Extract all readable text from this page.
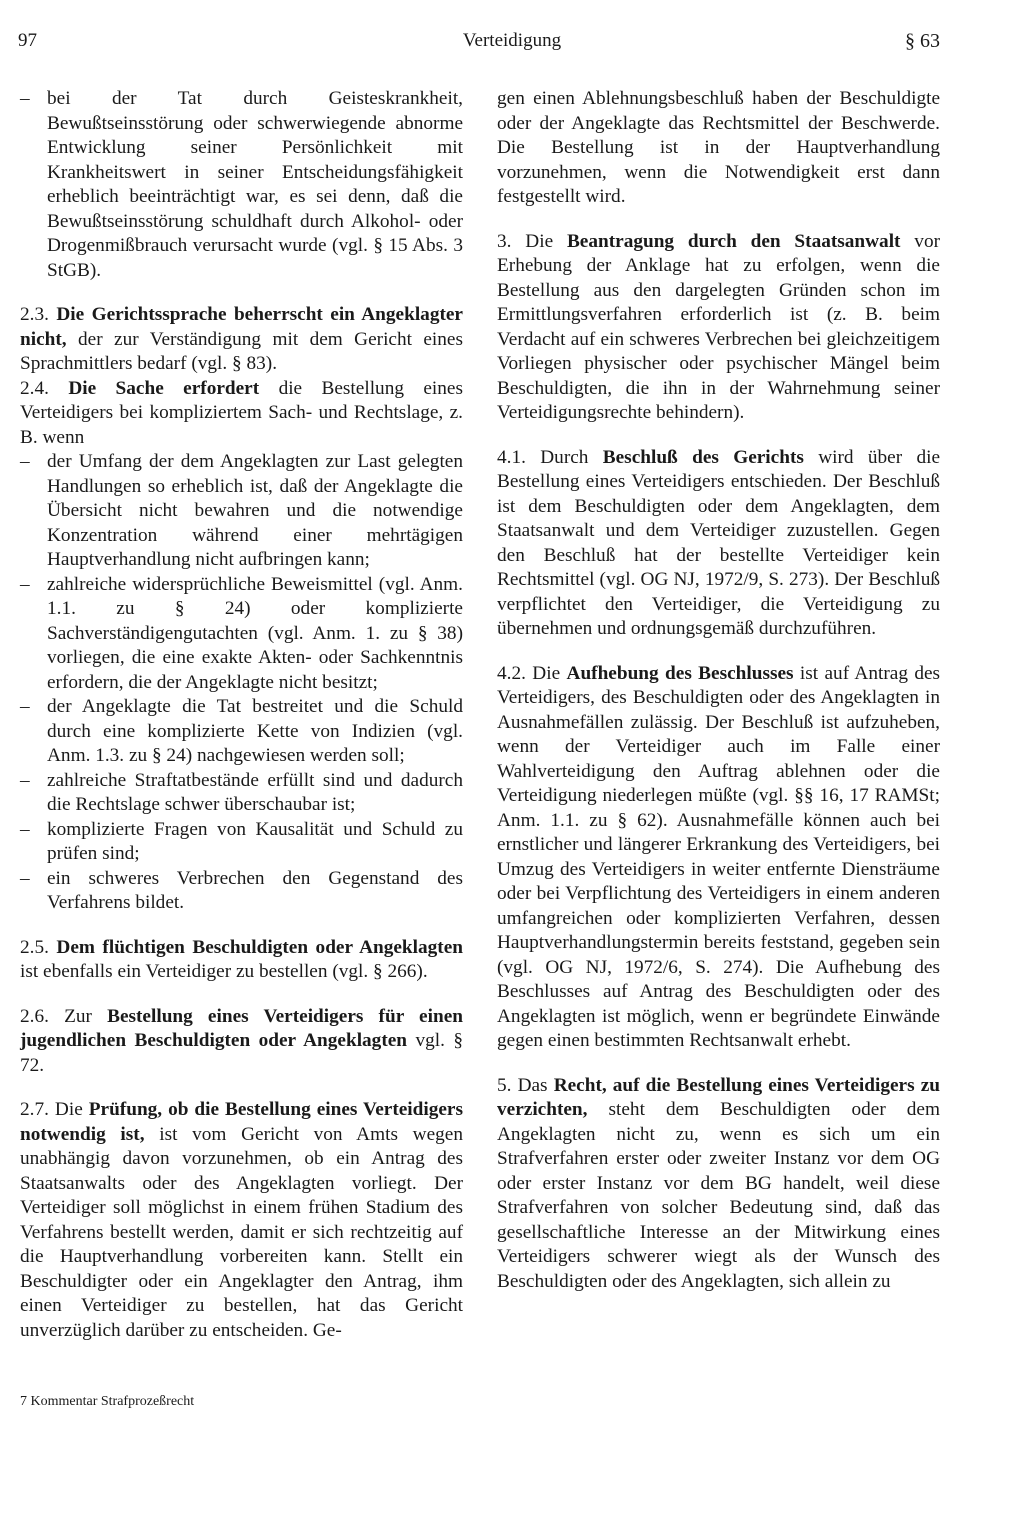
97	Verteidigung	§ 63

– bei der Tat durch Geisteskrankheit, Bewußtseinsstörung oder schwerwiegende abnorme Entwicklung seiner Persönlichkeit mit Krankheitswert in seiner Entscheidungsfähigkeit erheblich beeinträchtigt war, es sei denn, daß die Bewußtseinsstörung schuldhaft durch Alkohol- oder Drogenmißbrauch verursacht wurde (vgl. § 15 Abs. 3 StGB).

2.3. Die Gerichtssprache beherrscht ein Angeklagter nicht, der zur Verständigung mit dem Gericht eines Sprachmittlers bedarf (vgl. § 83).

2.4. Die Sache erfordert die Bestellung eines Verteidigers bei kompliziertem Sach- und Rechtslage, z. B. wenn

– der Umfang der dem Angeklagten zur Last gelegten Handlungen so erheblich ist, daß der Angeklagte die Übersicht nicht bewahren und die notwendige Konzentration während einer mehrtägigen Hauptverhandlung nicht aufbringen kann;

– zahlreiche widersprüchliche Beweismittel (vgl. Anm. 1.1. zu § 24) oder komplizierte Sachverständigengutachten (vgl. Anm. 1. zu § 38) vorliegen, die eine exakte Akten- oder Sachkenntnis erfordern, die der Angeklagte nicht besitzt;

– der Angeklagte die Tat bestreitet und die Schuld durch eine komplizierte Kette von Indizien (vgl. Anm. 1.3. zu § 24) nachgewiesen werden soll;

– zahlreiche Straftatbestände erfüllt sind und dadurch die Rechtslage schwer überschaubar ist;

– komplizierte Fragen von Kausalität und Schuld zu prüfen sind;

– ein schweres Verbrechen den Gegenstand des Verfahrens bildet.

2.5. Dem flüchtigen Beschuldigten oder Angeklagten ist ebenfalls ein Verteidiger zu bestellen (vgl. § 266).

2.6. Zur Bestellung eines Verteidigers für einen jugendlichen Beschuldigten oder Angeklagten vgl. § 72.

2.7. Die Prüfung, ob die Bestellung eines Verteidigers notwendig ist, ist vom Gericht von Amts wegen unabhängig davon vorzunehmen, ob ein Antrag des Staatsanwalts oder des Angeklagten vorliegt. Der Verteidiger soll möglichst in einem frühen Stadium des Verfahrens bestellt werden, damit er sich rechtzeitig auf die Hauptverhandlung vorbereiten kann. Stellt ein Beschuldigter oder ein Angeklagter den Antrag, ihm einen Verteidiger zu bestellen, hat das Gericht unverzüglich darüber zu entscheiden. Ge-

gen einen Ablehnungsbeschluß haben der Beschuldigte oder der Angeklagte das Rechtsmittel der Beschwerde. Die Bestellung ist in der Hauptverhandlung vorzunehmen, wenn die Notwendigkeit erst dann festgestellt wird.

3. Die Beantragung durch den Staatsanwalt vor Erhebung der Anklage hat zu erfolgen, wenn die Bestellung aus den dargelegten Gründen schon im Ermittlungsverfahren erforderlich ist (z. B. beim Verdacht auf ein schweres Verbrechen bei gleichzeitigem Vorliegen physischer oder psychischer Mängel beim Beschuldigten, die ihn in der Wahrnehmung seiner Verteidigungsrechte behindern).

4.1. Durch Beschluß des Gerichts wird über die Bestellung eines Verteidigers entschieden. Der Beschluß ist dem Beschuldigten oder dem Angeklagten, dem Staatsanwalt und dem Verteidiger zuzustellen. Gegen den Beschluß hat der bestellte Verteidiger kein Rechtsmittel (vgl. OG NJ, 1972/9, S. 273). Der Beschluß verpflichtet den Verteidiger, die Verteidigung zu übernehmen und ordnungsgemäß durchzuführen.

4.2. Die Aufhebung des Beschlusses ist auf Antrag des Verteidigers, des Beschuldigten oder des Angeklagten in Ausnahmefällen zulässig. Der Beschluß ist aufzuheben, wenn der Verteidiger auch im Falle einer Wahlverteidigung den Auftrag ablehnen oder die Verteidigung niederlegen müßte (vgl. §§ 16, 17 RAMSt; Anm. 1.1. zu § 62). Ausnahmefälle können auch bei ernstlicher und längerer Erkrankung des Verteidigers, bei Umzug des Verteidigers in weiter entfernte Diensträume oder bei Verpflichtung des Verteidigers in einem anderen umfangreichen oder komplizierten Verfahren, dessen Hauptverhandlungstermin bereits feststand, gegeben sein (vgl. OG NJ, 1972/6, S. 274). Die Aufhebung des Beschlusses auf Antrag des Beschuldigten oder des Angeklagten ist möglich, wenn er begründete Einwände gegen einen bestimmten Rechtsanwalt erhebt.

5. Das Recht, auf die Bestellung eines Verteidigers zu verzichten, steht dem Beschuldigten oder dem Angeklagten nicht zu, wenn es sich um ein Strafverfahren erster oder zweiter Instanz vor dem OG oder erster Instanz vor dem BG handelt, weil diese Strafverfahren von solcher Bedeutung sind, daß das gesellschaftliche Interesse an der Mitwirkung eines Verteidigers schwerer wiegt als der Wunsch des Beschuldigten oder des Angeklagten, sich allein zu

7 Kommentar Strafprozeßrecht
